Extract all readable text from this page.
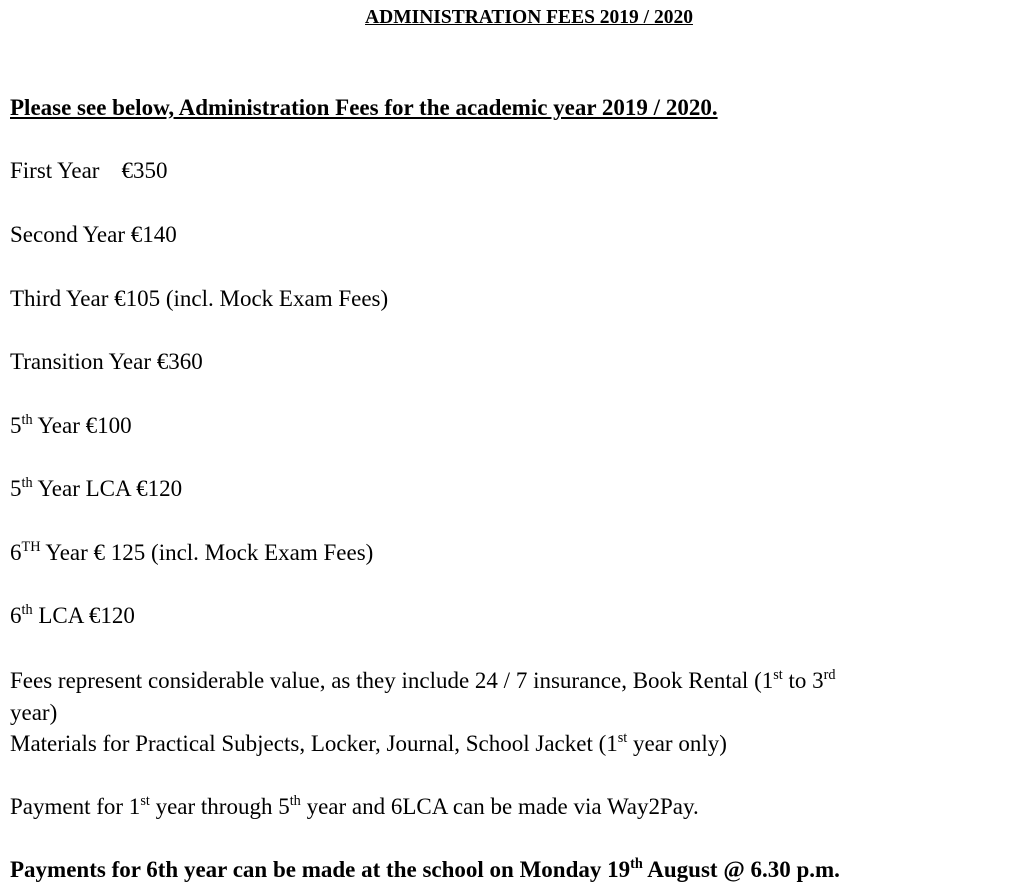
ADMINISTRATION FEES 2019 / 2020
Please see below, Administration Fees for the academic year 2019 / 2020.
First Year €350
Second Year €140
Third Year €105 (incl. Mock Exam Fees)
Transition Year €360
5th Year €100
5th Year LCA €120
6TH Year € 125 (incl. Mock Exam Fees)
6th LCA €120
Fees represent considerable value, as they include 24 / 7 insurance, Book Rental (1st to 3rd
year)
Materials for Practical Subjects, Locker, Journal, School Jacket (1st year only)
Payment for 1st year through 5th year and 6LCA can be made via Way2Pay.
Payments for 6th year can be made at the school on Monday 19th August @ 6.30 p.m.
